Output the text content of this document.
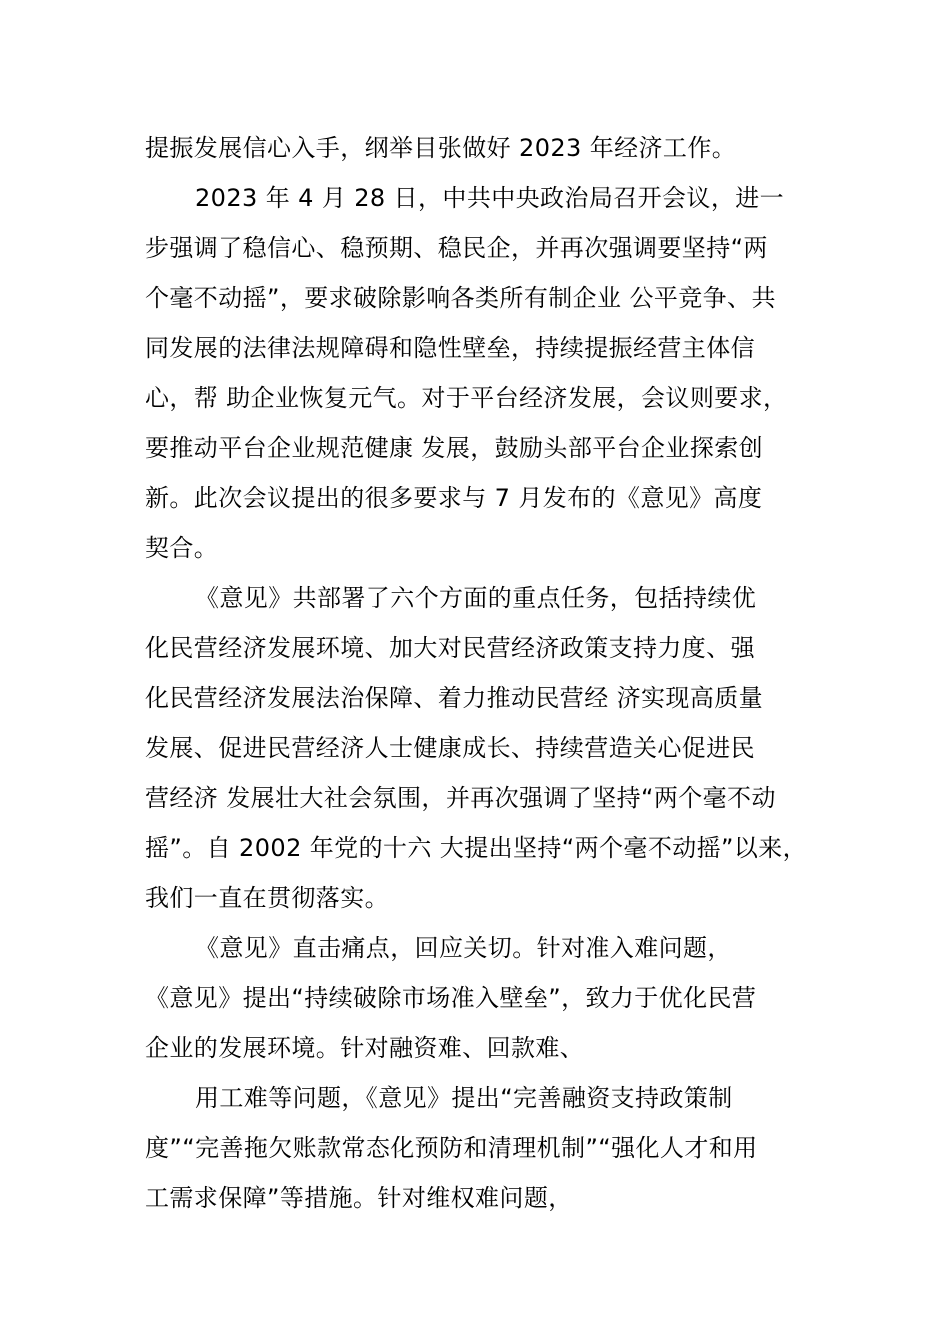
提振发展信心入手，纲举目张做好 2023 年经济工作。
2023 年 4 月 28 日，中共中央政治局召开会议，进一
步强调了稳信心、稳预期、稳民企，并再次强调要坚持“两
个毫不动摇”，要求破除影响各类所有制企业 公平竞争、共
同发展的法律法规障碍和隐性壁垒，持续提振经营主体信
心，帮 助企业恢复元气。对于平台经济发展，会议则要求，
要推动平台企业规范健康 发展，鼓励头部平台企业探索创
新。此次会议提出的很多要求与 7 月发布的《意见》高度
契合。
《意见》共部署了六个方面的重点任务，包括持续优
化民营经济发展环境、加大对民营经济政策支持力度、强
化民营经济发展法治保障、着力推动民营经 济实现高质量
发展、促进民营经济人士健康成长、持续营造关心促进民
营经济 发展壮大社会氛围，并再次强调了坚持“两个毫不动
摇”。自 2002 年党的十六 大提出坚持“两个毫不动摇”以来，
我们一直在贯彻落实。
《意见》直击痛点，回应关切。针对准入难问题，
《意见》提出“持续破除市场准入壁垒”，致力于优化民营
企业的发展环境。针对融资难、回款难、
用工难等问题，《意见》提出“完善融资支持政策制
度”“完善拖欠账款常态化预防和清理机制”“强化人才和用
工需求保障”等措施。针对维权难问题，
